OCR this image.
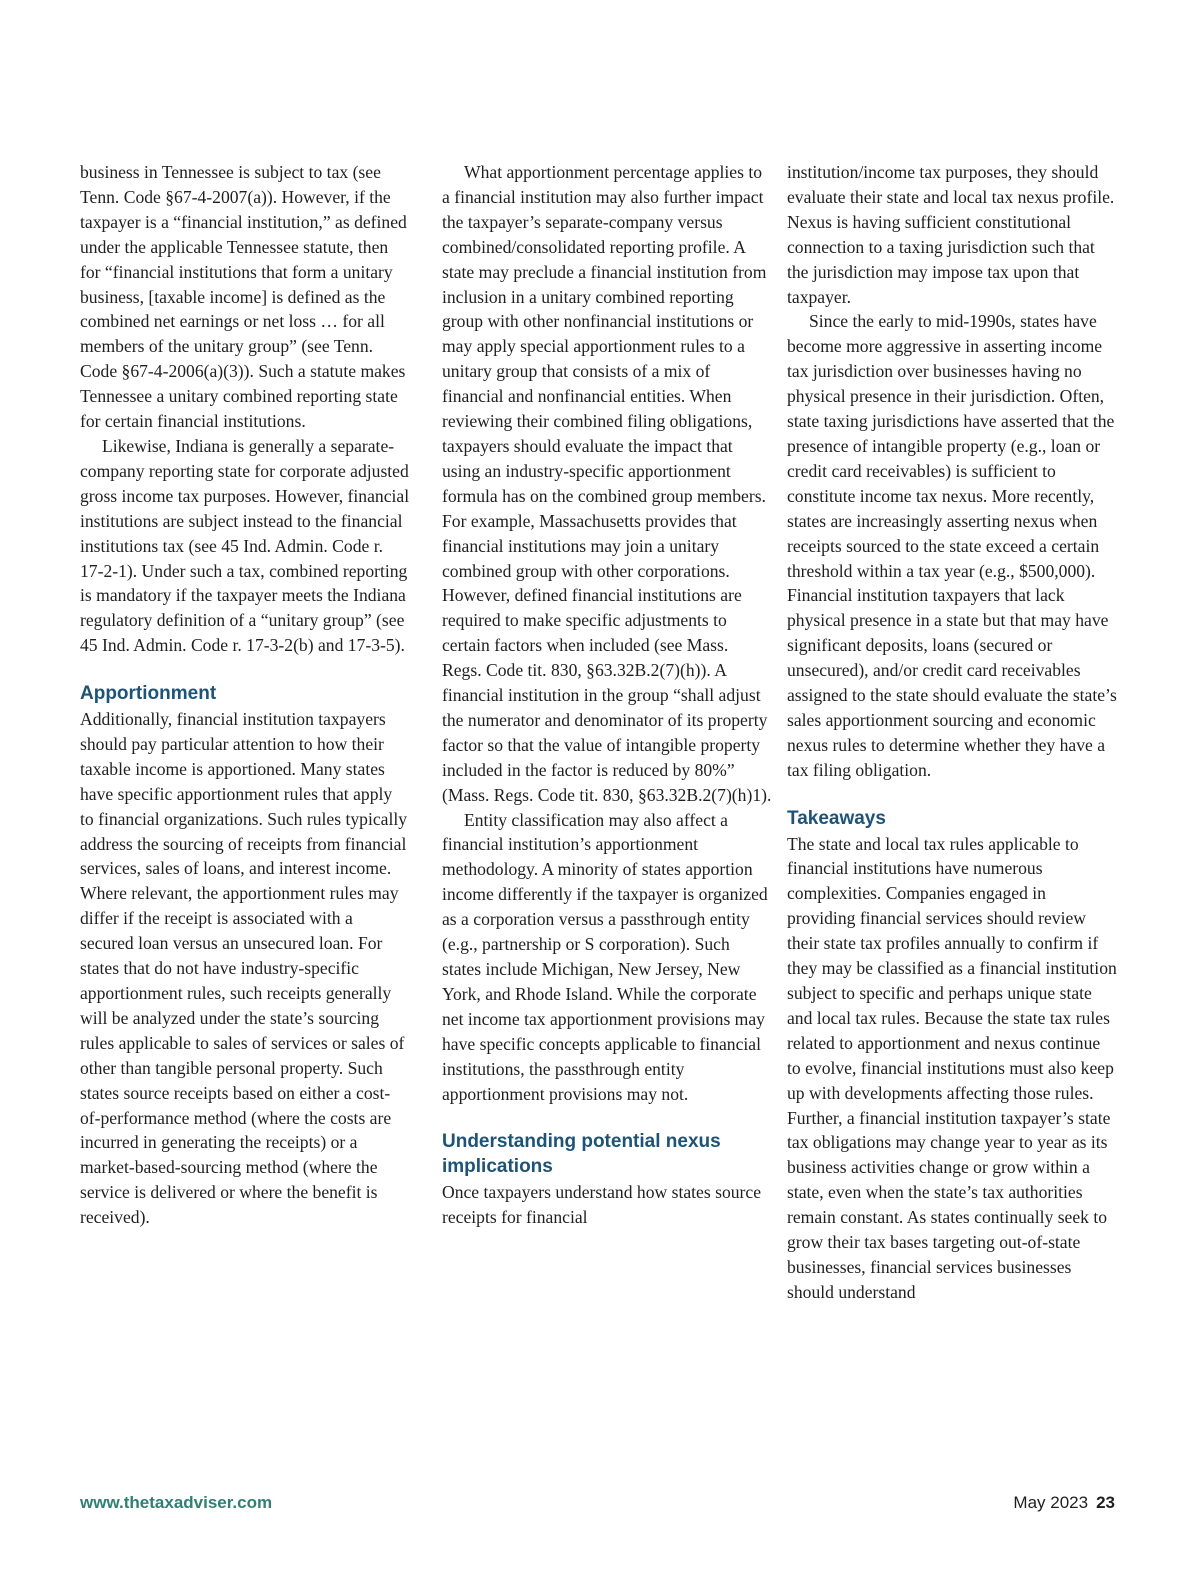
business in Tennessee is subject to tax (see Tenn. Code §67-4-2007(a)). However, if the taxpayer is a “financial institution,” as defined under the applicable Tennessee statute, then for “financial institutions that form a unitary business, [taxable income] is defined as the combined net earnings or net loss … for all members of the unitary group” (see Tenn. Code §67-4-2006(a)(3)). Such a statute makes Tennessee a unitary combined reporting state for certain financial institutions.

Likewise, Indiana is generally a separate-company reporting state for corporate adjusted gross income tax purposes. However, financial institutions are subject instead to the financial institutions tax (see 45 Ind. Admin. Code r. 17-2-1). Under such a tax, combined reporting is mandatory if the taxpayer meets the Indiana regulatory definition of a “unitary group” (see 45 Ind. Admin. Code r. 17-3-2(b) and 17-3-5).

Apportionment

Additionally, financial institution taxpayers should pay particular attention to how their taxable income is apportioned. Many states have specific apportionment rules that apply to financial organizations. Such rules typically address the sourcing of receipts from financial services, sales of loans, and interest income. Where relevant, the apportionment rules may differ if the receipt is associated with a secured loan versus an unsecured loan. For states that do not have industry-specific apportionment rules, such receipts generally will be analyzed under the state’s sourcing rules applicable to sales of services or sales of other than tangible personal property. Such states source receipts based on either a cost-of-performance method (where the costs are incurred in generating the receipts) or a market-based-sourcing method (where the service is delivered or where the benefit is received).

What apportionment percentage applies to a financial institution may also further impact the taxpayer’s separate-company versus combined/consolidated reporting profile. A state may preclude a financial institution from inclusion in a unitary combined reporting group with other nonfinancial institutions or may apply special apportionment rules to a unitary group that consists of a mix of financial and nonfinancial entities. When reviewing their combined filing obligations, taxpayers should evaluate the impact that using an industry-specific apportionment formula has on the combined group members. For example, Massachusetts provides that financial institutions may join a unitary combined group with other corporations. However, defined financial institutions are required to make specific adjustments to certain factors when included (see Mass. Regs. Code tit. 830, §63.32B.2(7)(h)). A financial institution in the group “shall adjust the numerator and denominator of its property factor so that the value of intangible property included in the factor is reduced by 80%” (Mass. Regs. Code tit. 830, §63.32B.2(7)(h)1).

Entity classification may also affect a financial institution’s apportionment methodology. A minority of states apportion income differently if the taxpayer is organized as a corporation versus a passthrough entity (e.g., partnership or S corporation). Such states include Michigan, New Jersey, New York, and Rhode Island. While the corporate net income tax apportionment provisions may have specific concepts applicable to financial institutions, the passthrough entity apportionment provisions may not.

Understanding potential nexus implications

Once taxpayers understand how states source receipts for financial

institution/income tax purposes, they should evaluate their state and local tax nexus profile. Nexus is having sufficient constitutional connection to a taxing jurisdiction such that the jurisdiction may impose tax upon that taxpayer.

Since the early to mid-1990s, states have become more aggressive in asserting income tax jurisdiction over businesses having no physical presence in their jurisdiction. Often, state taxing jurisdictions have asserted that the presence of intangible property (e.g., loan or credit card receivables) is sufficient to constitute income tax nexus. More recently, states are increasingly asserting nexus when receipts sourced to the state exceed a certain threshold within a tax year (e.g., $500,000). Financial institution taxpayers that lack physical presence in a state but that may have significant deposits, loans (secured or unsecured), and/or credit card receivables assigned to the state should evaluate the state’s sales apportionment sourcing and economic nexus rules to determine whether they have a tax filing obligation.

Takeaways

The state and local tax rules applicable to financial institutions have numerous complexities. Companies engaged in providing financial services should review their state tax profiles annually to confirm if they may be classified as a financial institution subject to specific and perhaps unique state and local tax rules. Because the state tax rules related to apportionment and nexus continue to evolve, financial institutions must also keep up with developments affecting those rules. Further, a financial institution taxpayer’s state tax obligations may change year to year as its business activities change or grow within a state, even when the state’s tax authorities remain constant. As states continually seek to grow their tax bases targeting out-of-state businesses, financial services businesses should understand

www.thetaxadviser.com	May 2023 23
